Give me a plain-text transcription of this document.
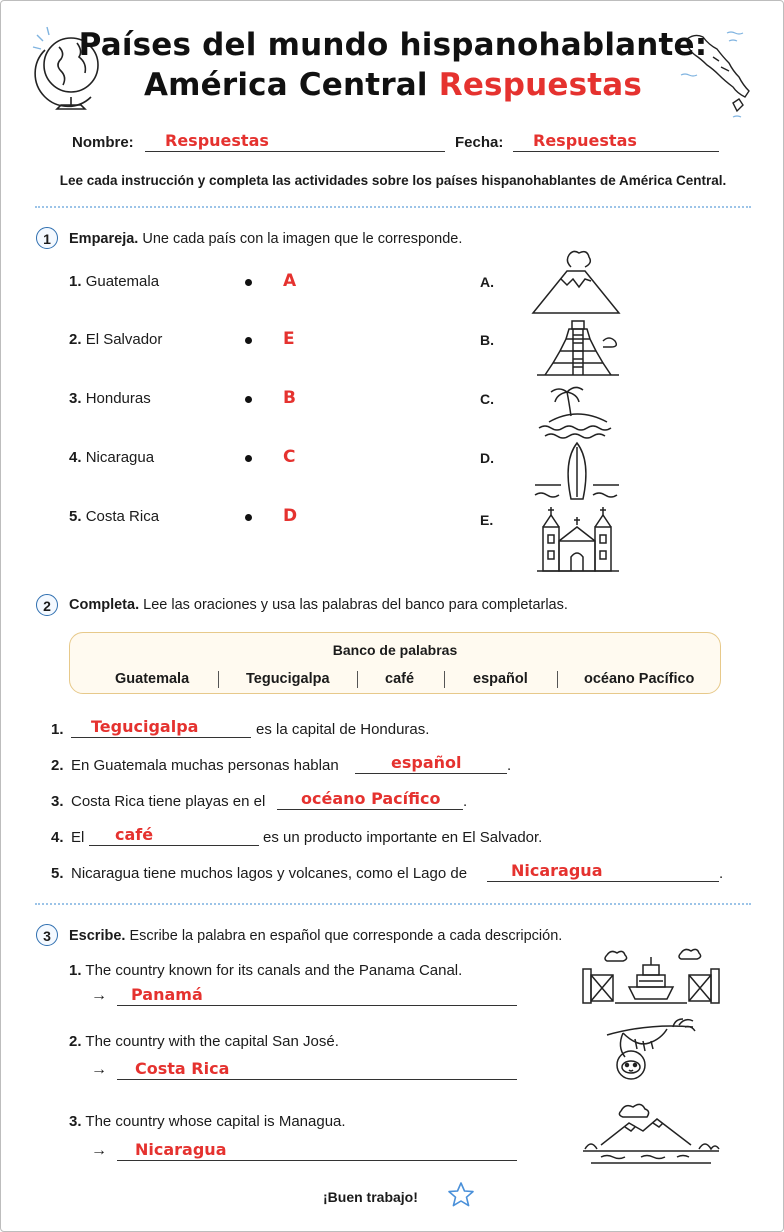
Países del mundo hispanohablante:
América Central Respuestas
Nombre: Respuestas	Fecha: Respuestas
Lee cada instrucción y completa las actividades sobre los países hispanohablantes de América Central.
1	Empareja. Une cada país con la imagen que le corresponde.
1. Guatemala	A
2. El Salvador	E
3. Honduras	B
4. Nicaragua	C
5. Costa Rica	D
A.
B.
C.
D.
E.
2	Completa. Lee las oraciones y usa las palabras del banco para completarlas.
Banco de palabras
Guatemala	Tegucigalpa	café	español	océano Pacífico
1. Tegucigalpa	es la capital de Honduras.
2. En Guatemala muchas personas hablan	español	.
3. Costa Rica tiene playas en el océano Pacífico .
4. El café	es un producto importante en El Salvador.
5. Nicaragua tiene muchos lagos y volcanes, como el Lago de	Nicaragua	.
3	Escribe. Escribe la palabra en español que corresponde a cada descripción.
1. The country known for its canals and the Panama Canal.
→ Panamá
2. The country with the capital San José.
→ Costa Rica
3. The country whose capital is Managua.
→ Nicaragua
¡Buen trabajo!
